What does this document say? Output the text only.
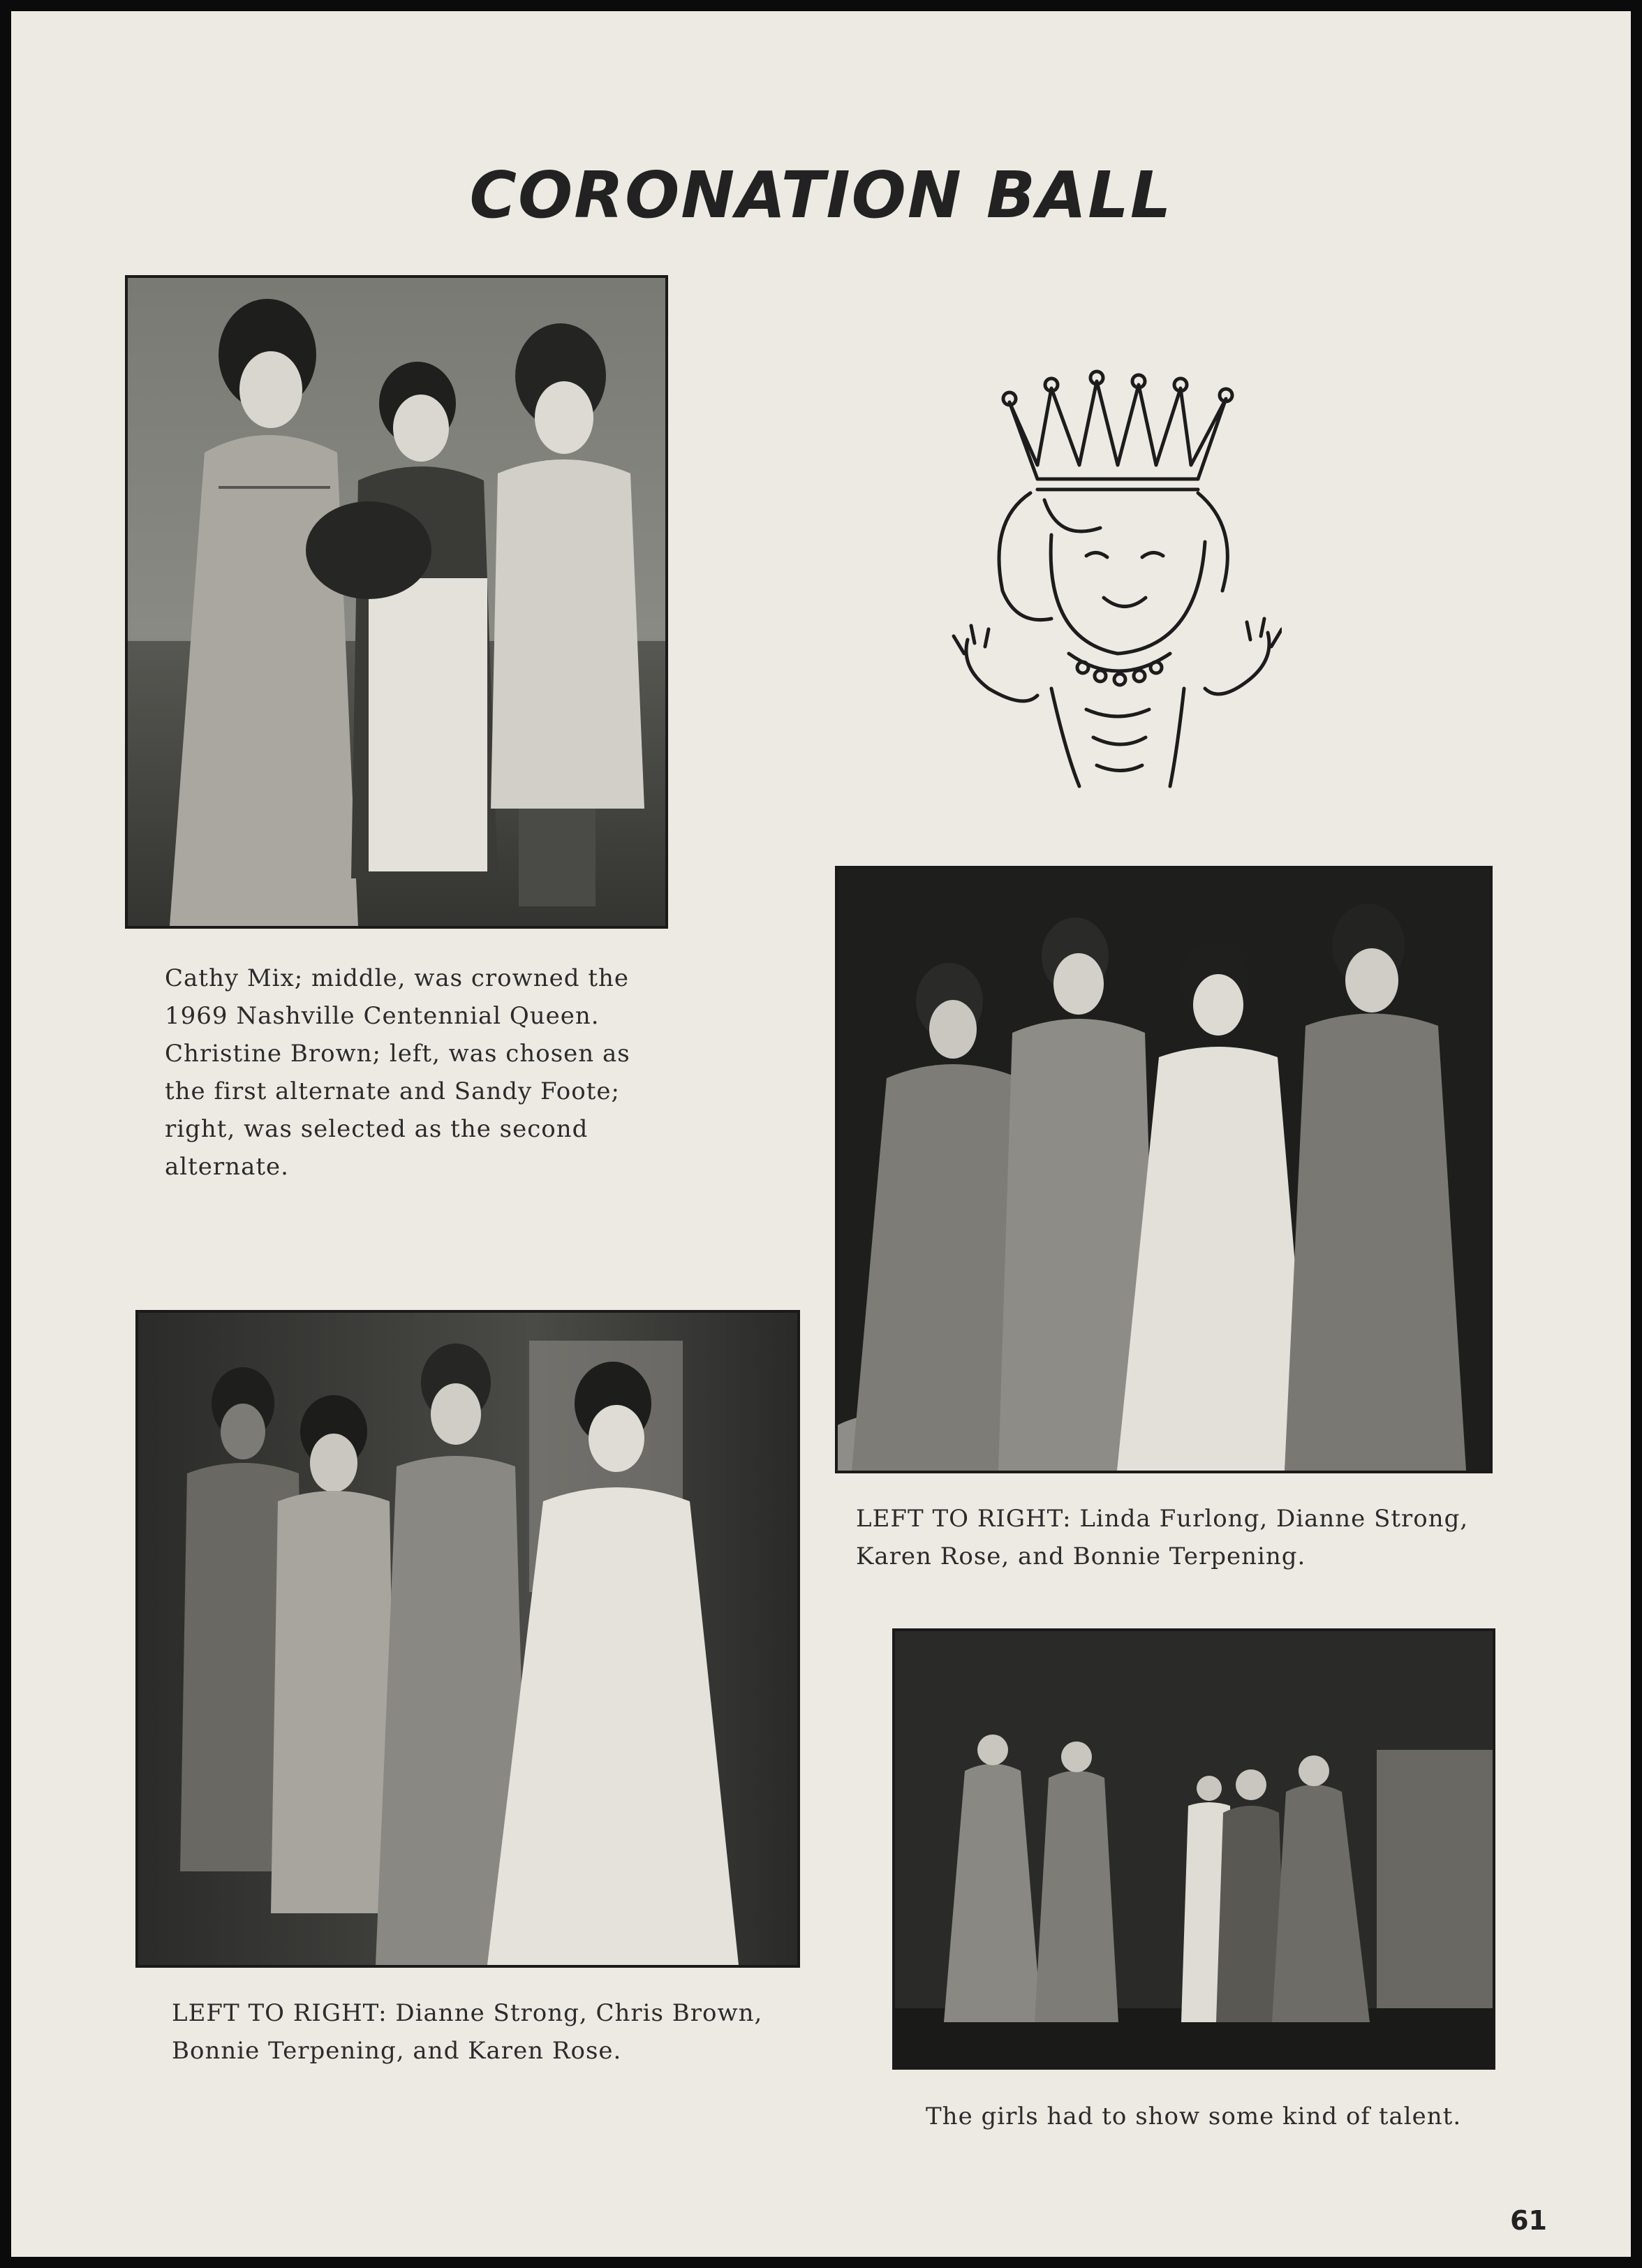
CORONATION BALL
Cathy Mix; middle, was crowned the 1969 Nashville Centennial Queen. Christine Brown; left, was chosen as the first alternate and Sandy Foote; right, was selected as the second alternate.
LEFT TO RIGHT: Linda Furlong, Dianne Strong, Karen Rose, and Bonnie Terpening.
LEFT TO RIGHT: Dianne Strong, Chris Brown, Bonnie Terpening, and Karen Rose.
The girls had to show some kind of talent.
61
